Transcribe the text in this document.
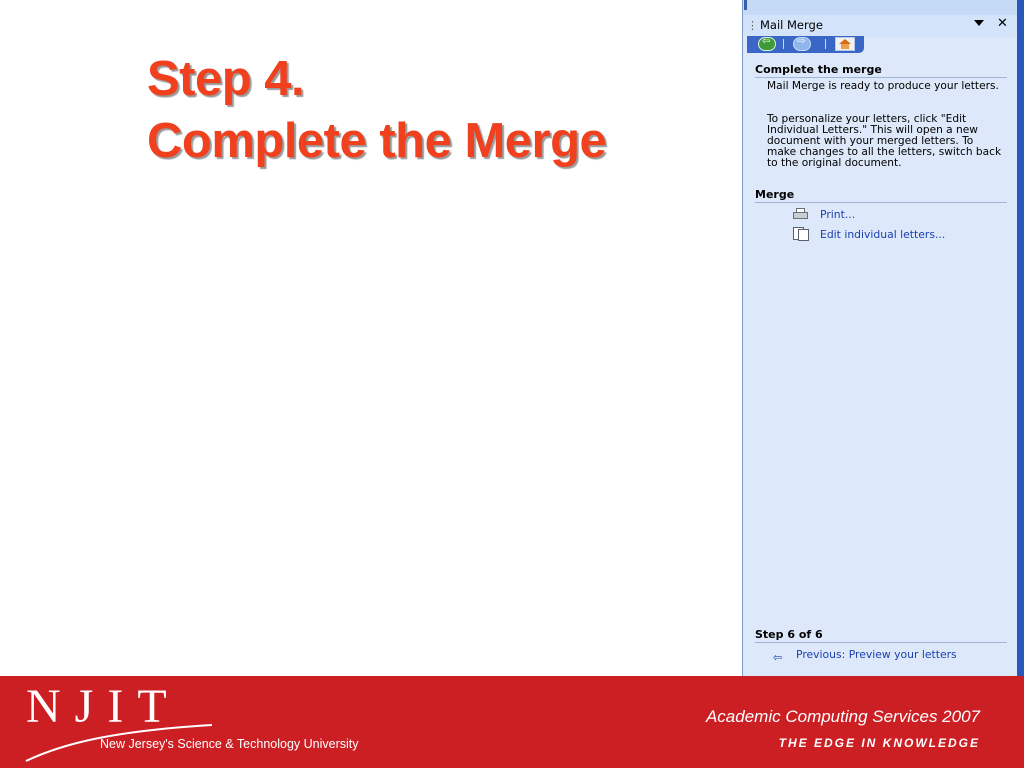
Step 4.
Complete the Merge
⋮ Mail Merge	✕
⇦
⇨
Complete the merge

Mail Merge is ready to produce your letters.

To personalize your letters, click "Edit Individual Letters." This will open a new document with your merged letters. To make changes to all the letters, switch back to the original document.

Merge
Print...
Edit individual letters...
Step 6 of 6
⇦ Previous: Preview your letters
NJIT
New Jersey's Science & Technology University
Academic Computing Services 2007
THE EDGE IN KNOWLEDGE
